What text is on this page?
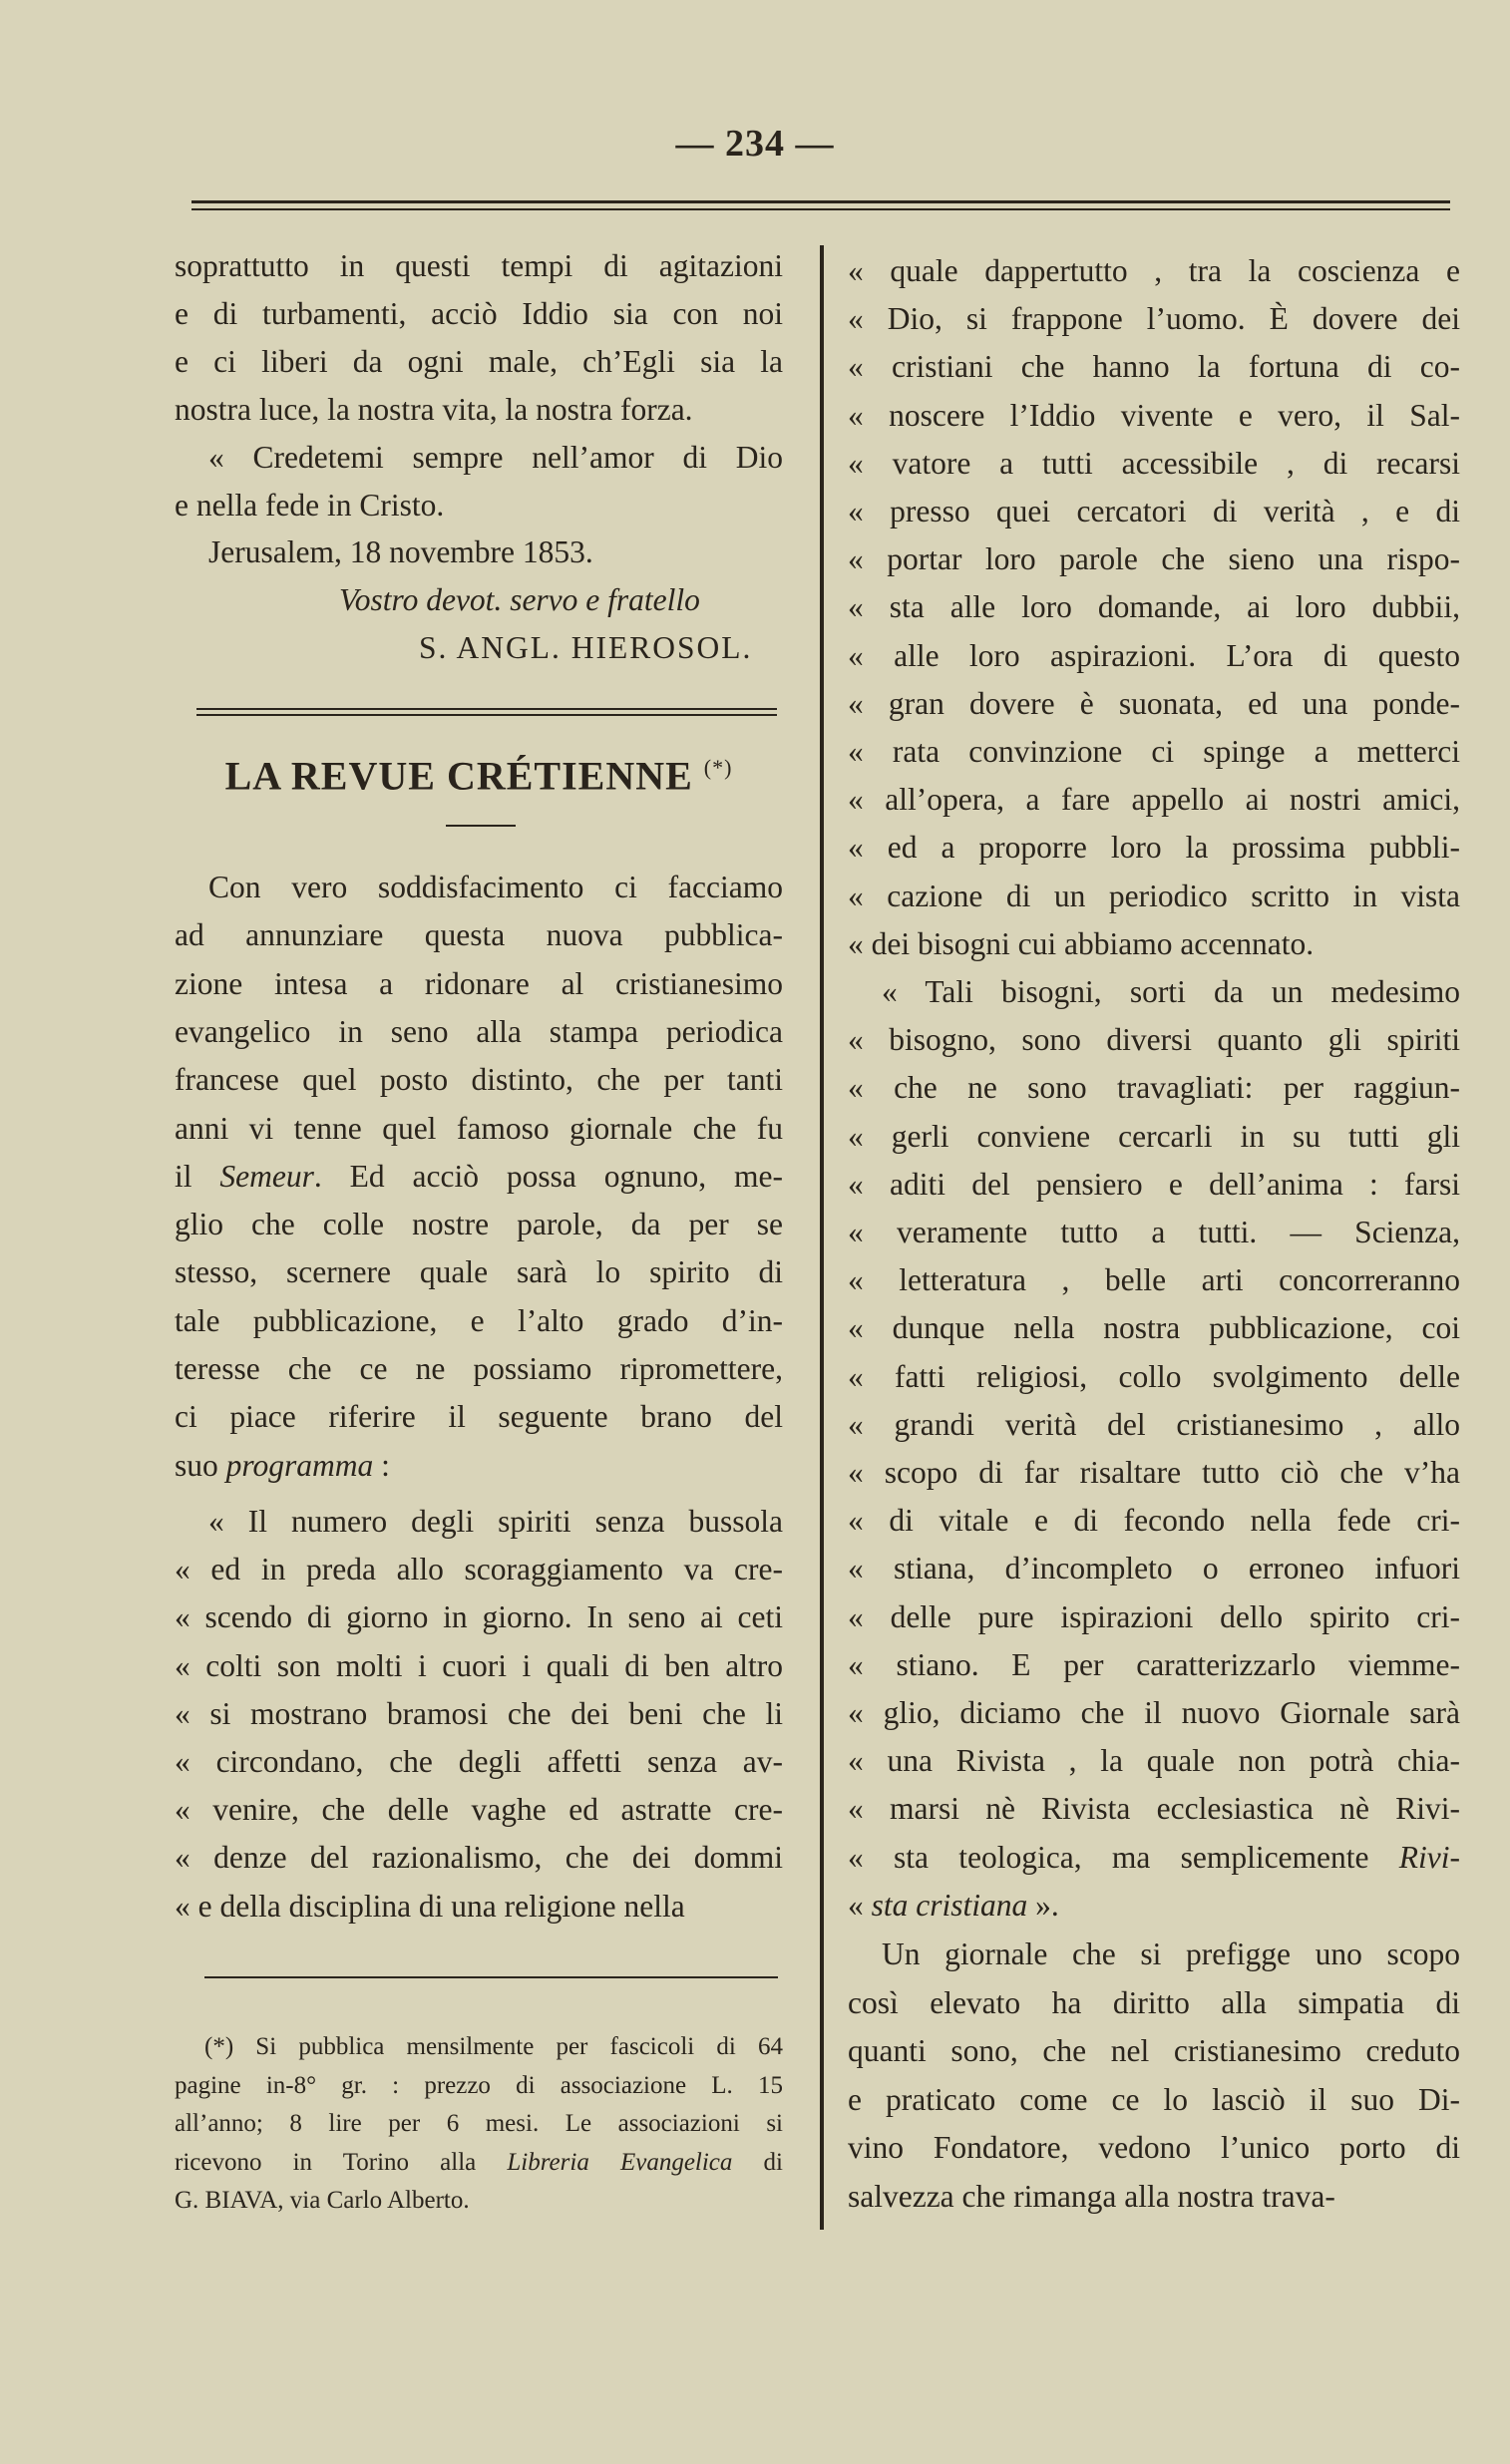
— 234 —
Jerusalem, 18 novembre 1853.
Vostro devot. servo e fratello
S. ANGL. HIEROSOL.
LA REVUE CRÉTIENNE (*)
soprattutto in questi tempi di agitazioni
e di turbamenti, acciò Iddio sia con noi
e ci liberi da ogni male, ch’Egli sia la
nostra luce, la nostra vita, la nostra forza.
« Credetemi sempre nell’amor di Dio
e nella fede in Cristo.
Con vero soddisfacimento ci facciamo
ad annunziare questa nuova pubblica-
zione intesa a ridonare al cristianesimo
evangelico in seno alla stampa periodica
francese quel posto distinto, che per tanti
anni vi tenne quel famoso giornale che fu
il Semeur. Ed acciò possa ognuno, me-
glio che colle nostre parole, da per se
stesso, scernere quale sarà lo spirito di
tale pubblicazione, e l’alto grado d’in-
teresse che ce ne possiamo ripromettere,
ci piace riferire il seguente brano del
suo programma :
« Il numero degli spiriti senza bussola
« ed in preda allo scoraggiamento va cre-
« scendo di giorno in giorno. In seno ai ceti
« colti son molti i cuori i quali di ben altro
« si mostrano bramosi che dei beni che li
« circondano, che degli affetti senza av-
« venire, che delle vaghe ed astratte cre-
« denze del razionalismo, che dei dommi
« e della disciplina di una religione nella
(*) Si pubblica mensilmente per fascicoli di 64
pagine in-8° gr. : prezzo di associazione L. 15
all’anno; 8 lire per 6 mesi. Le associazioni si
ricevono in Torino alla Libreria Evangelica di
G. BIAVA, via Carlo Alberto.
« quale dappertutto , tra la coscienza e
« Dio, si frappone l’uomo. È dovere dei
« cristiani che hanno la fortuna di co-
« noscere l’Iddio vivente e vero, il Sal-
« vatore a tutti accessibile , di recarsi
« presso quei cercatori di verità , e di
« portar loro parole che sieno una rispo-
« sta alle loro domande, ai loro dubbii,
« alle loro aspirazioni. L’ora di questo
« gran dovere è suonata, ed una ponde-
« rata convinzione ci spinge a metterci
« all’opera, a fare appello ai nostri amici,
« ed a proporre loro la prossima pubbli-
« cazione di un periodico scritto in vista
« dei bisogni cui abbiamo accennato.
« Tali bisogni, sorti da un medesimo
« bisogno, sono diversi quanto gli spiriti
« che ne sono travagliati: per raggiun-
« gerli conviene cercarli in su tutti gli
« aditi del pensiero e dell’anima : farsi
« veramente tutto a tutti. — Scienza,
« letteratura , belle arti concorreranno
« dunque nella nostra pubblicazione, coi
« fatti religiosi, collo svolgimento delle
« grandi verità del cristianesimo , allo
« scopo di far risaltare tutto ciò che v’ha
« di vitale e di fecondo nella fede cri-
« stiana, d’incompleto o erroneo infuori
« delle pure ispirazioni dello spirito cri-
« stiano. E per caratterizzarlo viemme-
« glio, diciamo che il nuovo Giornale sarà
« una Rivista , la quale non potrà chia-
« marsi nè Rivista ecclesiastica nè Rivi-
« sta teologica, ma semplicemente Rivi-
« sta cristiana ».
Un giornale che si prefigge uno scopo
così elevato ha diritto alla simpatia di
quanti sono, che nel cristianesimo creduto
e praticato come ce lo lasciò il suo Di-
vino Fondatore, vedono l’unico porto di
salvezza che rimanga alla nostra trava-
